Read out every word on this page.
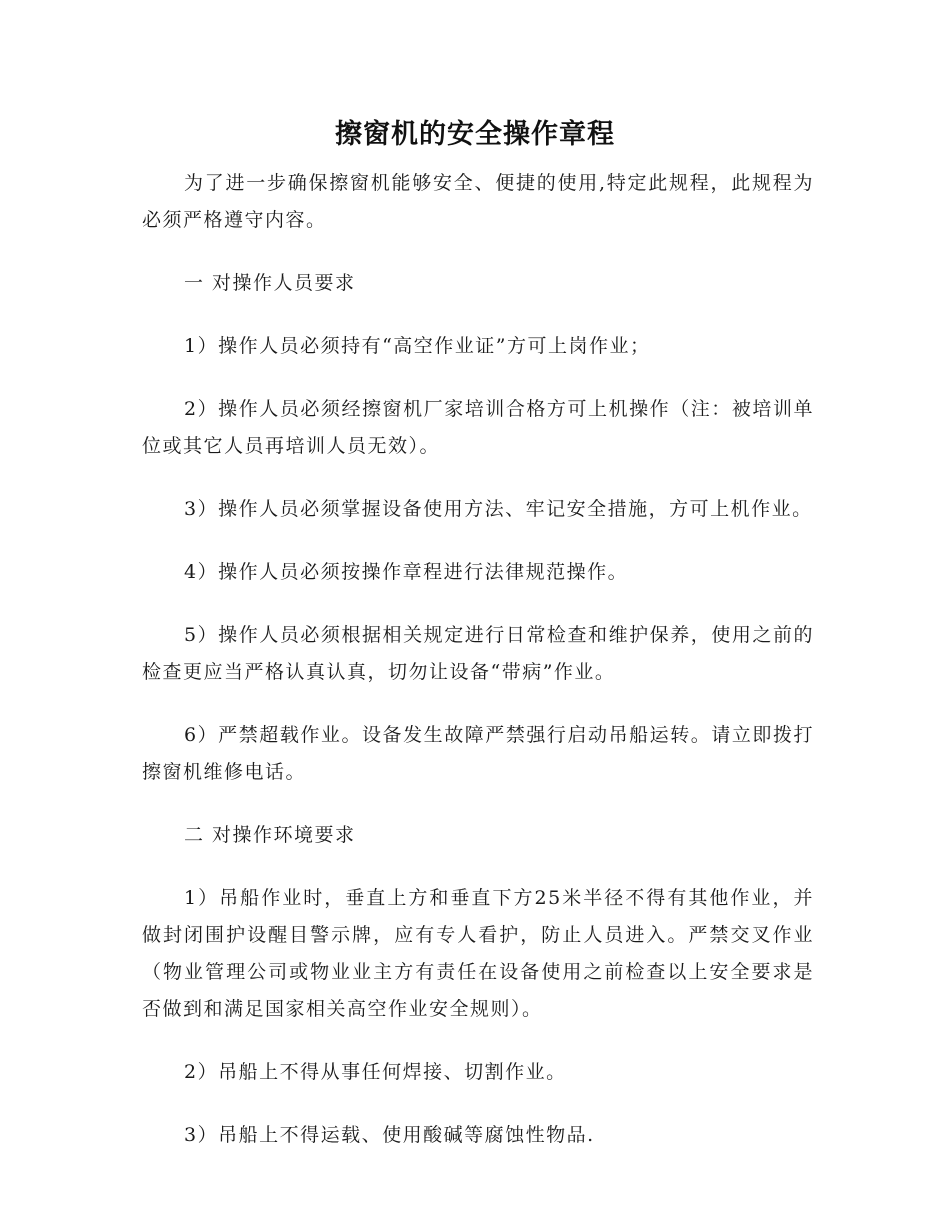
擦窗机的安全操作章程

为了进一步确保擦窗机能够安全、便捷的使用,特定此规程，此规程为必须严格遵守内容。

一 对操作人员要求

1）操作人员必须持有“高空作业证”方可上岗作业；

2）操作人员必须经擦窗机厂家培训合格方可上机操作（注：被培训单位或其它人员再培训人员无效）。

3）操作人员必须掌握设备使用方法、牢记安全措施，方可上机作业。

4）操作人员必须按操作章程进行法律规范操作。

5）操作人员必须根据相关规定进行日常检查和维护保养，使用之前的检查更应当严格认真认真，切勿让设备“带病”作业。

6）严禁超载作业。设备发生故障严禁强行启动吊船运转。请立即拨打擦窗机维修电话。

二 对操作环境要求

1）吊船作业时，垂直上方和垂直下方25米半径不得有其他作业，并做封闭围护设醒目警示牌，应有专人看护，防止人员进入。严禁交叉作业（物业管理公司或物业业主方有责任在设备使用之前检查以上安全要求是否做到和满足国家相关高空作业安全规则）。

2）吊船上不得从事任何焊接、切割作业。

3）吊船上不得运载、使用酸碱等腐蚀性物品.
